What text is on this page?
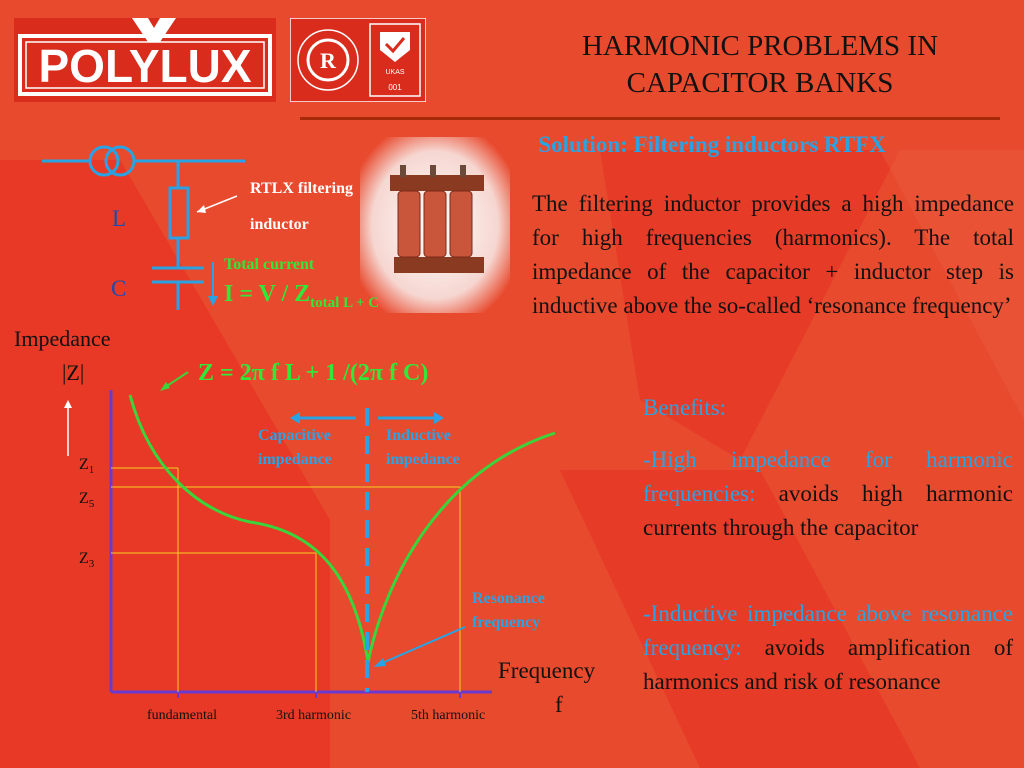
POLYLUX	R	UKAS
001
HARMONIC PROBLEMS IN
CAPACITOR BANKS
Solution: Filtering inductors RTFX
L
C
RTLX filtering
inductor
Total current
$I = V / Z_{total L + C}$
Impedance
|Z|	Z = 2π f L + 1 /(2π f C)
Capacitive
impedance
Inductive
impedance
Resonance
frequency
$Z_1$
$Z_5$
$Z_3$
fundamental	3rd harmonic	5th harmonic
Frequency
f
The filtering inductor provides a high impedance for high frequencies (harmonics). The total impedance of the capacitor + inductor step is inductive above the so-called ‘resonance frequency’
Benefits:
-High impedance for harmonic frequencies: avoids high harmonic currents through the capacitor
-Inductive impedance above resonance frequency: avoids amplification of harmonics and risk of resonance
